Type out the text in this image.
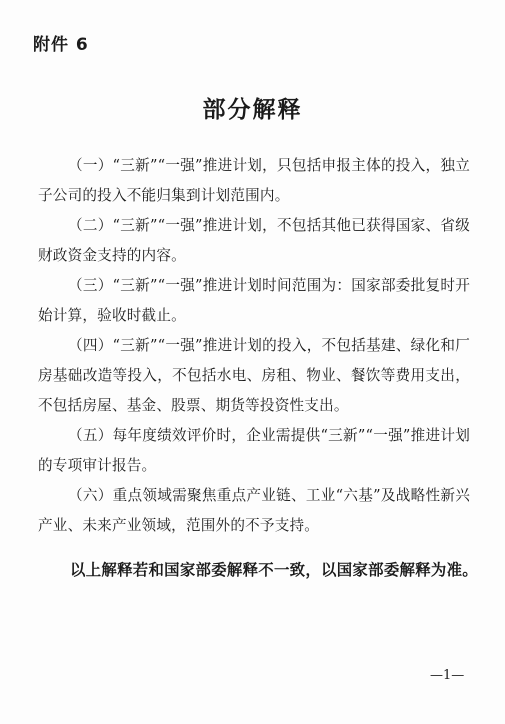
附件 6
部分解释

（一）“三新”“一强”推进计划，只包括申报主体的投入，独立子公司的投入不能归集到计划范围内。

（二）“三新”“一强”推进计划，不包括其他已获得国家、省级财政资金支持的内容。

（三）“三新”“一强”推进计划时间范围为：国家部委批复时开始计算，验收时截止。

（四）“三新”“一强”推进计划的投入，不包括基建、绿化和厂房基础改造等投入，不包括水电、房租、物业、餐饮等费用支出，不包括房屋、基金、股票、期货等投资性支出。

（五）每年度绩效评价时，企业需提供“三新”“一强”推进计划的专项审计报告。

（六）重点领域需聚焦重点产业链、工业“六基”及战略性新兴产业、未来产业领域，范围外的不予支持。

以上解释若和国家部委解释不一致，以国家部委解释为准。
—1—
